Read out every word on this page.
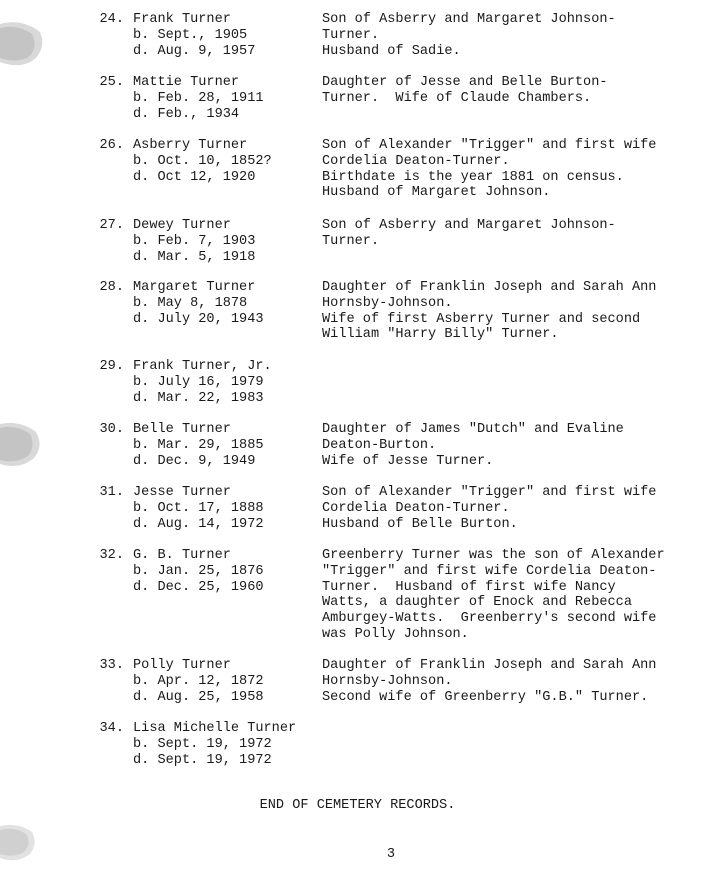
24. Frank Turner
b. Sept., 1905
d. Aug. 9, 1957
Son of Asberry and Margaret Johnson-
Turner.
Husband of Sadie.
25. Mattie Turner
b. Feb. 28, 1911
d. Feb., 1934
Daughter of Jesse and Belle Burton-
Turner.  Wife of Claude Chambers.
26. Asberry Turner
b. Oct. 10, 1852?
d. Oct 12, 1920
Son of Alexander "Trigger" and first wife
Cordelia Deaton-Turner.
Birthdate is the year 1881 on census.
Husband of Margaret Johnson.
27. Dewey Turner
b. Feb. 7, 1903
d. Mar. 5, 1918
Son of Asberry and Margaret Johnson-
Turner.
28. Margaret Turner
b. May 8, 1878
d. July 20, 1943
Daughter of Franklin Joseph and Sarah Ann
Hornsby-Johnson.
Wife of first Asberry Turner and second
William "Harry Billy" Turner.
29. Frank Turner, Jr.
b. July 16, 1979
d. Mar. 22, 1983
30. Belle Turner
b. Mar. 29, 1885
d. Dec. 9, 1949
Daughter of James "Dutch" and Evaline
Deaton-Burton.
Wife of Jesse Turner.
31. Jesse Turner
b. Oct. 17, 1888
d. Aug. 14, 1972
Son of Alexander "Trigger" and first wife
Cordelia Deaton-Turner.
Husband of Belle Burton.
32. G. B. Turner
b. Jan. 25, 1876
d. Dec. 25, 1960
Greenberry Turner was the son of Alexander
"Trigger" and first wife Cordelia Deaton-
Turner.  Husband of first wife Nancy
Watts, a daughter of Enock and Rebecca
Amburgey-Watts.  Greenberry's second wife
was Polly Johnson.
33. Polly Turner
b. Apr. 12, 1872
d. Aug. 25, 1958
Daughter of Franklin Joseph and Sarah Ann
Hornsby-Johnson.
Second wife of Greenberry "G.B." Turner.
34. Lisa Michelle Turner
b. Sept. 19, 1972
d. Sept. 19, 1972
END OF CEMETERY RECORDS.
3
